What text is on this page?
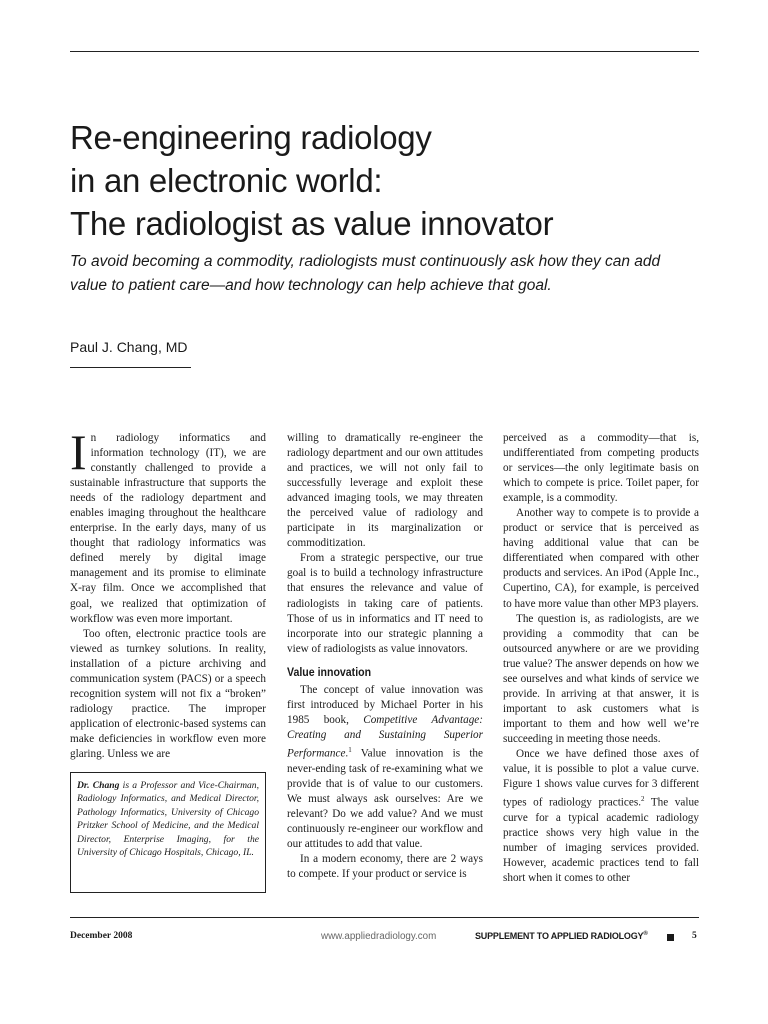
Re-engineering radiology
in an electronic world:
The radiologist as value innovator
To avoid becoming a commodity, radiologists must continuously ask how they can add
value to patient care—and how technology can help achieve that goal.
Paul J. Chang, MD

In radiology informatics and information technology (IT), we are constantly challenged to provide a sustainable infrastructure that supports the needs of the radiology department and enables imaging throughout the healthcare enterprise. In the early days, many of us thought that radiology informatics was defined merely by digital image management and its promise to eliminate X-ray film. Once we accomplished that goal, we realized that optimization of workflow was even more important.

Too often, electronic practice tools are viewed as turnkey solutions. In reality, installation of a picture archiving and communication system (PACS) or a speech recognition system will not fix a “broken” radiology practice. The improper application of electronic-based systems can make deficiencies in workflow even more glaring. Unless we are

Dr. Chang is a Professor and Vice-Chairman, Radiology Informatics, and Medical Director, Pathology Informatics, University of Chicago Pritzker School of Medicine, and the Medical Director, Enterprise Imaging, for the University of Chicago Hospitals, Chicago, IL.

willing to dramatically re-engineer the radiology department and our own attitudes and practices, we will not only fail to successfully leverage and exploit these advanced imaging tools, we may threaten the perceived value of radiology and participate in its marginalization or commoditization.

From a strategic perspective, our true goal is to build a technology infrastructure that ensures the relevance and value of radiologists in taking care of patients. Those of us in informatics and IT need to incorporate into our strategic planning a view of radiologists as value innovators.

Value innovation

The concept of value innovation was first introduced by Michael Porter in his 1985 book, Competitive Advantage: Creating and Sustaining Superior Performance.$^1$ Value innovation is the never-ending task of re-examining what we provide that is of value to our customers. We must always ask ourselves: Are we relevant? Do we add value? And we must continuously re-engineer our workflow and our attitudes to add that value.

In a modern economy, there are 2 ways to compete. If your product or service is

perceived as a commodity—that is, undifferentiated from competing products or services—the only legitimate basis on which to compete is price. Toilet paper, for example, is a commodity.

Another way to compete is to provide a product or service that is perceived as having additional value that can be differentiated when compared with other products and services. An iPod (Apple Inc., Cupertino, CA), for example, is perceived to have more value than other MP3 players.

The question is, as radiologists, are we providing a commodity that can be outsourced anywhere or are we providing true value? The answer depends on how we see ourselves and what kinds of service we provide. In arriving at that answer, it is important to ask customers what is important to them and how well we’re succeeding in meeting those needs.

Once we have defined those axes of value, it is possible to plot a value curve. Figure 1 shows value curves for 3 different types of radiology practices.$^2$ The value curve for a typical academic radiology practice shows very high value in the number of imaging services provided. However, academic practices tend to fall short when it comes to other

December 2008	www.appliedradiology.com	SUPPLEMENT TO APPLIED RADIOLOGY®	5
